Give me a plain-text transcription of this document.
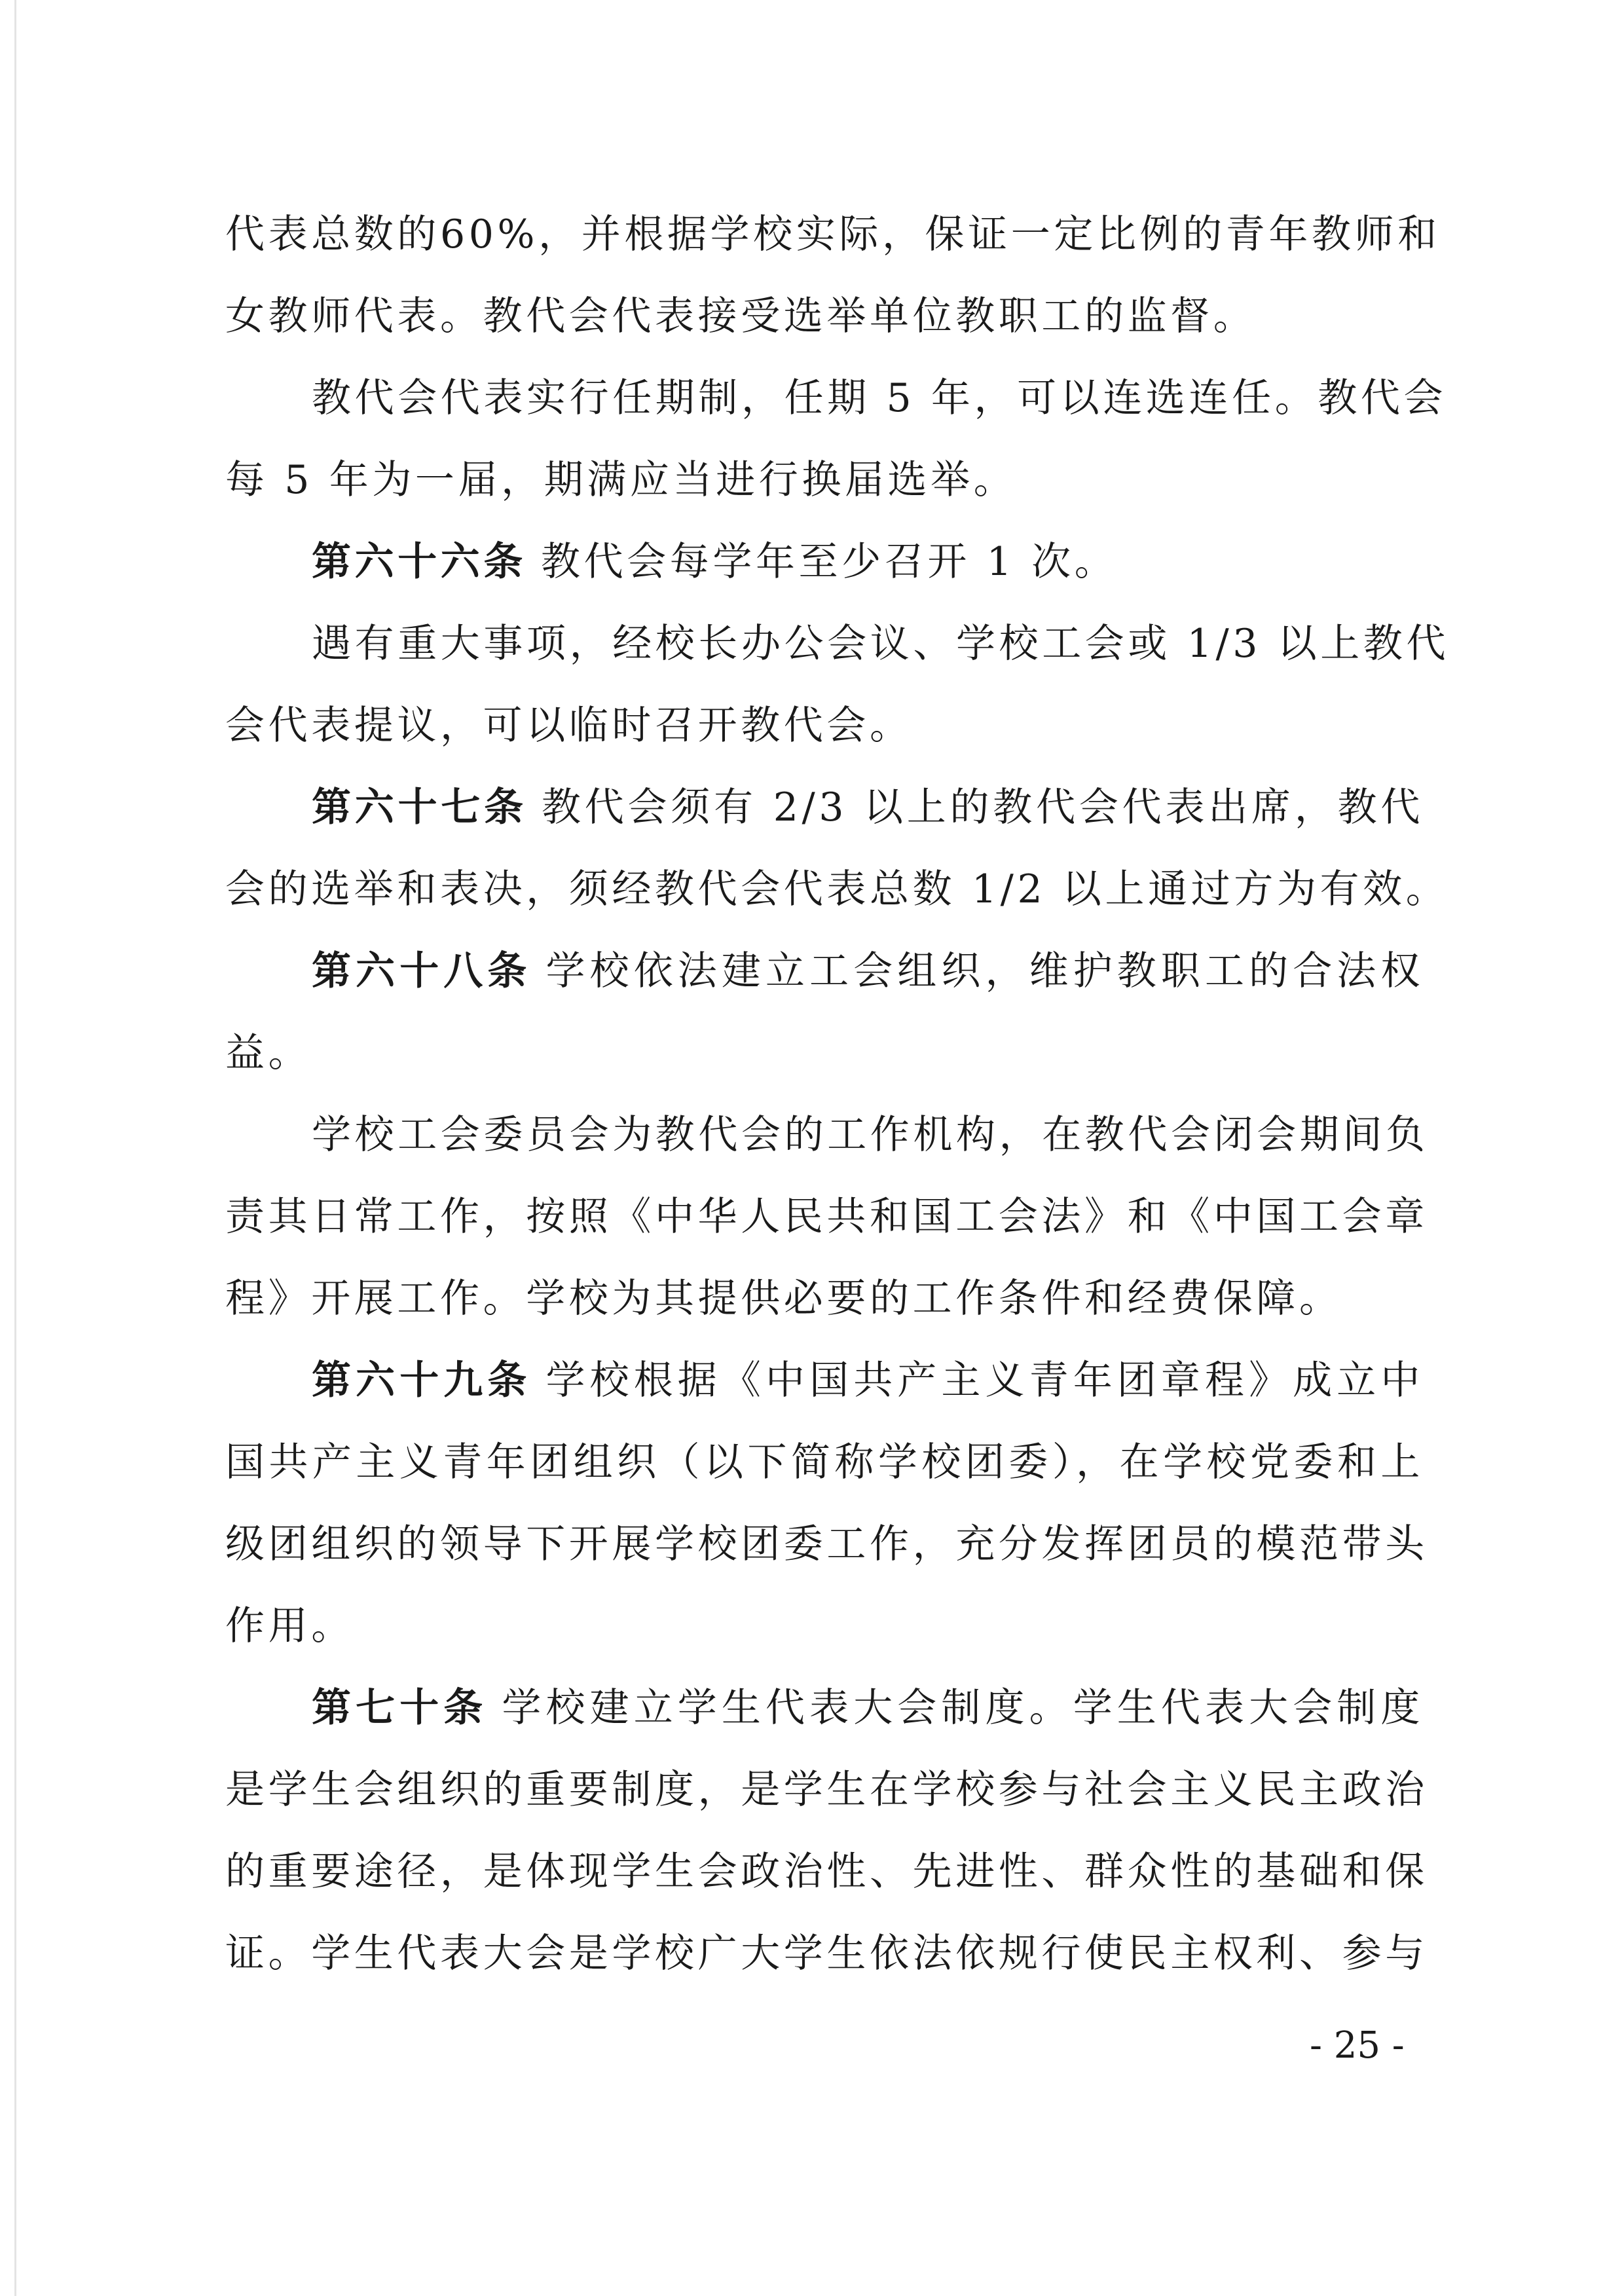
代表总数的60%，并根据学校实际，保证一定比例的青年教师和
女教师代表。教代会代表接受选举单位教职工的监督。
教代会代表实行任期制，任期 5 年，可以连选连任。教代会
每 5 年为一届，期满应当进行换届选举。
第六十六条 教代会每学年至少召开 1 次。
遇有重大事项，经校长办公会议、学校工会或 1/3 以上教代
会代表提议，可以临时召开教代会。
第六十七条 教代会须有 2/3 以上的教代会代表出席，教代
会的选举和表决，须经教代会代表总数 1/2 以上通过方为有效。
第六十八条 学校依法建立工会组织，维护教职工的合法权
益。
学校工会委员会为教代会的工作机构，在教代会闭会期间负
责其日常工作，按照《中华人民共和国工会法》和《中国工会章
程》开展工作。学校为其提供必要的工作条件和经费保障。
第六十九条 学校根据《中国共产主义青年团章程》成立中
国共产主义青年团组织（以下简称学校团委），在学校党委和上
级团组织的领导下开展学校团委工作，充分发挥团员的模范带头
作用。
第七十条 学校建立学生代表大会制度。学生代表大会制度
是学生会组织的重要制度，是学生在学校参与社会主义民主政治
的重要途径，是体现学生会政治性、先进性、群众性的基础和保
证。学生代表大会是学校广大学生依法依规行使民主权利、参与
- 25 -
